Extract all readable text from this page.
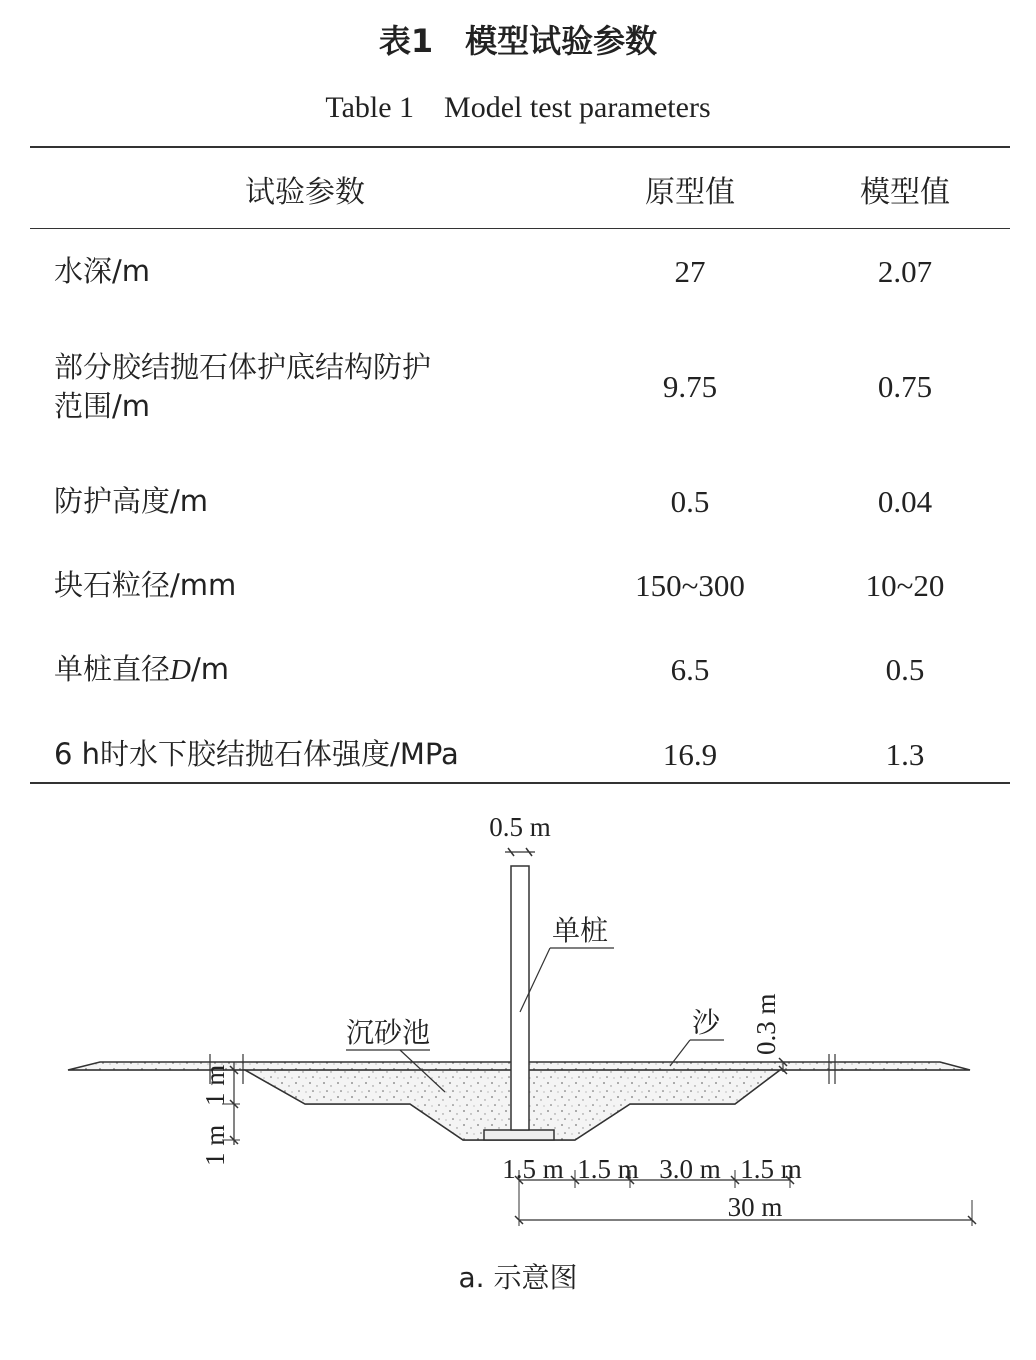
表1　模型试验参数
Table 1　Model test parameters
试验参数	原型值	模型值
水深/m	27	2.07

部分胶结抛石体护底结构防护
范围/m	9.75	0.75
防护高度/m	0.5	0.04
块石粒径/mm	150~300	10~20
单桩直径D/m	6.5	0.5
6 h时水下胶结抛石体强度/MPa	16.9	1.3
0.5 m
单桩
沙
沉砂池	0.3 m
1 m
1 m
1.5 m 1.5 m 3.0 m 1.5 m
30 m
a. 示意图
